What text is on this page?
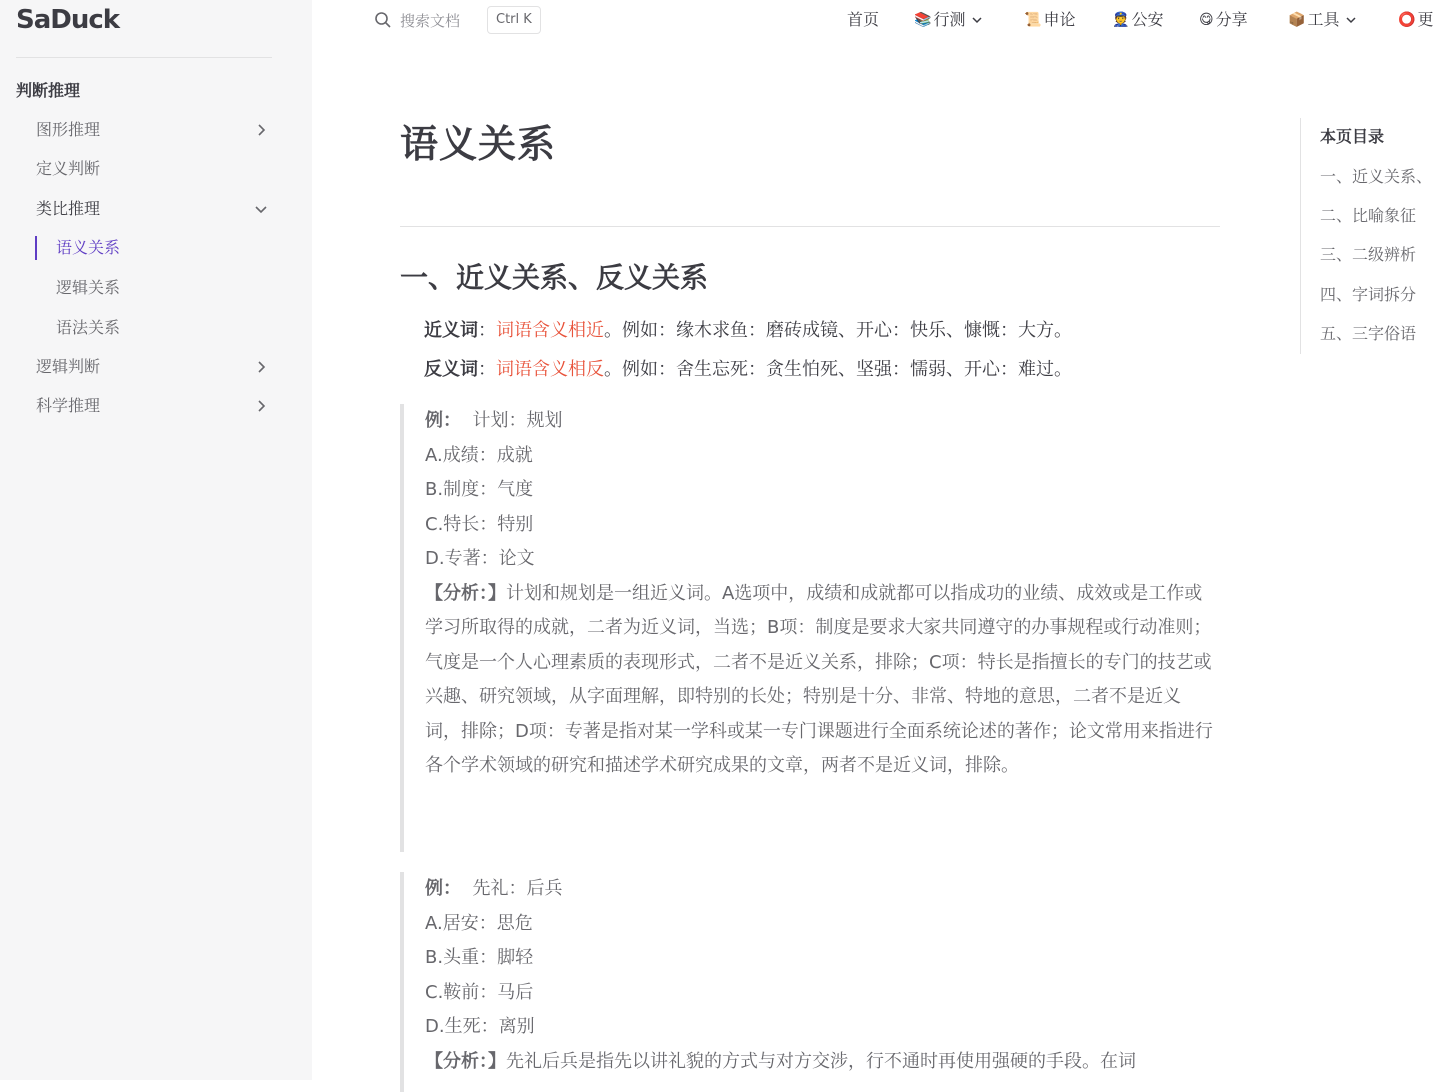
SaDuck
判断推理
图形推理
定义判断
类比推理
语义关系
逻辑关系
语法关系
逻辑判断
科学推理
搜索文档	Ctrl K	首页 📚 行测	📜 申论	👮 公安	😋 分享	📦 工具	⭕ 更
语义关系
一、近义关系、反义关系
近义词：词语含义相近。例如：缘木求鱼：磨砖成镜、开心：快乐、慷慨：大方。
反义词：词语含义相反。例如：舍生忘死：贪生怕死、坚强：懦弱、开心：难过。
例： 计划：规划
A.成绩：成就
B.制度：气度
C.特长：特别
D.专著：论文
【分析：】计划和规划是一组近义词。A选项中，成绩和成就都可以指成功的业绩、成效或是工作或学习所取得的成就，二者为近义词，当选；B项：制度是要求大家共同遵守的办事规程或行动准则；气度是一个人心理素质的表现形式，二者不是近义关系，排除；C项：特长是指擅长的专门的技艺或兴趣、研究领域，从字面理解，即特别的长处；特别是十分、非常、特地的意思，二者不是近义词，排除；D项：专著是指对某一学科或某一专门课题进行全面系统论述的著作；论文常用来指进行各个学术领域的研究和描述学术研究成果的文章，两者不是近义词，排除。
例： 先礼：后兵
A.居安：思危
B.头重：脚轻
C.鞍前：马后
D.生死：离别
【分析：】先礼后兵是指先以讲礼貌的方式与对方交涉，行不通时再使用强硬的手段。在词
本页目录
一、近义关系、
二、比喻象征
三、二级辨析
四、字词拆分
五、三字俗语
